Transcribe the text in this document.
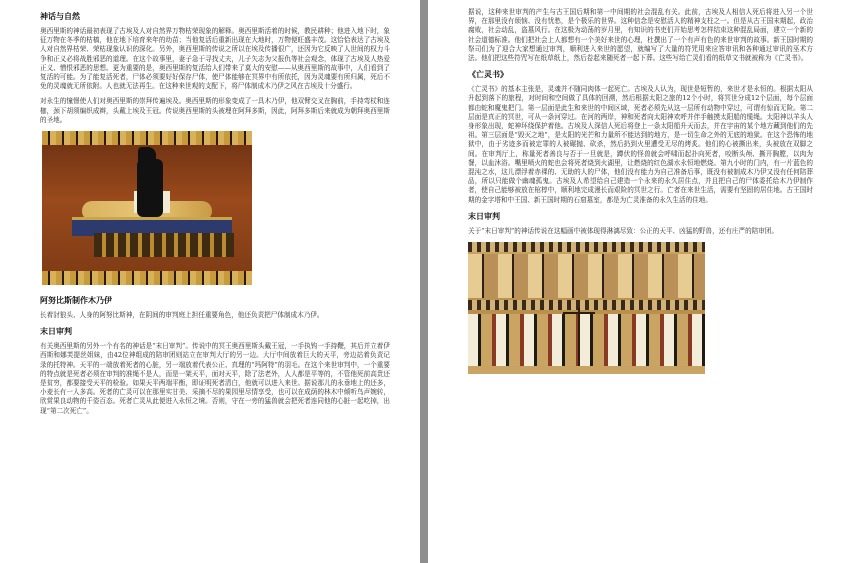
神话与自然

奥西里斯的神话最初表现了古埃及人对自然界万物枯荣现象的解释。奥西里斯活着的时候，教民耕种；他进入地下时，象征万物在冬季的枯槁，他在地下培育来年的幼苗；当他复活后重新出现在大地时，万物便旺盛丰茂。这恰恰表达了古埃及人对自然界枯荣、荣枯现象认识的深化。另外，奥西里斯的传说之所以在埃及传播很广，还因为它反映了人世间的权力斗争和正义必将战胜邪恶的道理。在这个故事里，妻子急于寻找丈夫，儿子矢志为父报仇等社会观念，体现了古埃及人热爱正义、憎恨邪恶的思想。更为重要的是，奥西里斯的复活给人们带来了莫大的安慰——从奥西里斯的故事中，人们看到了复活的可能。为了能复活死者，尸体必须要好好保存尸体，使尸体能够在冥界中有所依托，因为灵魂要有所归属，死后不免的灵魂就无所依附。人也就无法再生。在这种来世观的支配下，将尸体制成木乃伊之风在古埃及十分盛行。

对永生的憧憬使人们对奥西里斯的崇拜传遍埃及。奥西里斯的形象变成了一具木乃伊，他双臂交叉在胸前，手持弯杖和连枷，颈下胡须编织成辫，头戴上埃及王冠。传说奥西里斯的头被埋在阿拜多斯，因此，阿拜多斯后来就成为朝拜奥西里斯的圣地。

阿努比斯制作木乃伊

长着豺狼头、人身的阿努比斯神，在阴间的审判庭上担任重要角色，他还负责把尸体制成木乃伊。

末日审判

有关奥西里斯的另外一个有名的神话是“末日审判”。传说中的冥王奥西里斯头戴王冠，一手执钩一手持鞭，其后并立着伊西斯和娜芙提丝姐妹，由42位神组成的陪审团则站立在审判大厅的另一边。大厅中间放着巨大的天平，旁边站着负责记录的托特神。天平的一端放着死者的心脏，另一端放着代表公正、真理的“玛阿特”的羽毛。在这个来世审判中，一个重要的特点就是死者必须在审判的准绳不是人，而是一架天平，面对天平，除了法老外，人人都是平等的，不管他死前高贵还是贫穷，都要接受天平的检验。如果天平两端平衡，即证明死者清白，他就可以进入来世。据说那儿的永垂地上的还多，小麦长有一人多高。死者的亡灵可以在那里实甘美、采摘不尽的果园里尽情享受，也可以在成荫的林木中倾听鸟声婉转，欣赏果良动物的千姿百态。死者亡灵从此便进入永恒之境。否则，守在一旁的猛兽就会把死者连同他的心脏一起吃掉，出现“第二次死亡”。

据说，这种来世审判的产生与古王国后期和第一中间期的社会混乱有关。此前，古埃及人相信人死后将进入另一个世界，在那里没有烦恼、没有忧愁，是个极乐的世界。这种信念是安慰活人的精神支柱之一。但是从古王国末期起，政治腐败，社会动乱，盗墓风行。在这极为动荡的岁月里，有知识的书吏们开始思考怎样结束这种混乱局面，建立一个新的社会道德标准。他们把社会上人都想有一个美好来世的心理，杜撰出了一个有声有色的来世审判的故事。新王国时期的祭司们为了迎合大家想通过审判，顺利进入来世的愿望，就编写了大量的符咒用来应答审讯和各种通过审讯的巫术方法。他们把这些符咒写在纸草纸上，然后卷起来随死者一起下葬。这些写给亡灵们看的纸草文书就被称为《亡灵书》。

《亡灵书》

《亡灵书》的基本主张是，灵魂并不随同肉体一起死亡。古埃及人认为，现世是短暂的，来世才是永恒的。根据太阳从升起到落下的旅程，对时间和空间做了具体的回溯，然后根据太阳之旅的12个小时，将冥世分成12个层面，每个层面都由蛇和魔鬼把门。第一层面是此生和来世的中间区域，死者必须先从这一层所有动物中穿过，可谓有惊而无险。第二层面是真正的冥世，可从一条河穿过。在河的两岸，神和死者向太阳神欢呼并伴手触摸太阳船的缆绳。太阳神以羊头人身形象出现，蛇神环绕保护着他。古埃及人深信人死后将登上一条太阳船升天而去，并在宇宙的某个地方藏到他们的先祖。第三层面是“毁灭之地”，是太阳的光芒和力量所不能达到的地方，是一切生命之外的无底的地狱。在这个恐怖的地狱中，由于劣迹多而被定罪的人被碾抛、砍杀，然后扔到火里遭受无尽的烤炙。他们的心被撕出来，头被放在双脚之间。在审判厅上，称量死者善良与否于一旦就是，蹲伏的怪兽就会呼啸而起扑向死者，咬断头颅、撕开胸膛，以肉为餐，以血沐浴。嘴里喷火的蛇也会将死者烧到火湖里，让燃烧的红色湖水永恒地燃烧。第九小时的门内，有一片蓝色的混沌之水，这儿漂浮着赤裸的、无助的人的尸体，他们没有能力为自己准备后事，既没有被制成木乃伊又没有任何陪葬品，所以只能做个幽魂孤鬼。古埃及人希望给自己建造一个永来的永久居住点，并且把自己的尸体委托给木乃伊制作者，使自己能够被放在棺椁中，顺利地完成漫长而艰险的冥世之行。亡者在来世生活，需要有坚固的居住地。古王国时期的金字塔和中王国、新王国时期的石窟墓室，都是为亡灵准备的永久生活的住地。

末日审判

关于“末日审判”的神话传说在这幅画中被体现得淋漓尽致：公正的天平、凶猛的野兽，还有庄严的陪审团。
